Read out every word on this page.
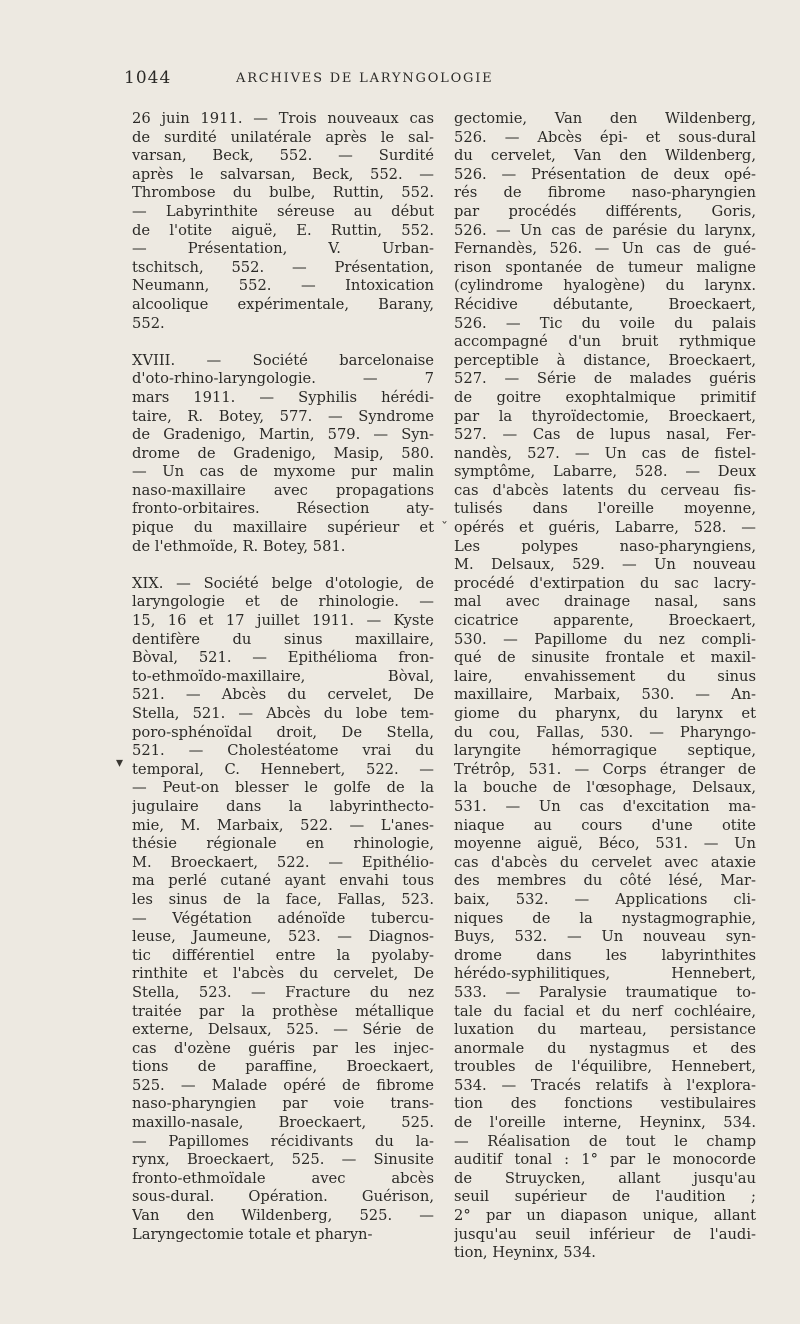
1044	ARCHIVES DE LARYNGOLOGIE
▾
ˇ
26 juin 1911. — Trois nouveaux cas
de surdité unilatérale après le sal-
varsan, Beck, 552. — Surdité
après le salvarsan, Beck, 552. —
Thrombose du bulbe, Ruttin, 552.
— Labyrinthite séreuse au début
de l'otite aiguë, E. Ruttin, 552.
— Présentation, V. Urban-
tschitsch, 552. — Présentation,
Neumann, 552. — Intoxication
alcoolique expérimentale, Barany,
552.
XVIII. — Société barcelonaise
d'oto-rhino-laryngologie. — 7
mars 1911. — Syphilis hérédi-
taire, R. Botey, 577. — Syndrome
de Gradenigo, Martin, 579. — Syn-
drome de Gradenigo, Masip, 580.
— Un cas de myxome pur malin
naso-maxillaire avec propagations
fronto-orbitaires. Résection aty-
pique du maxillaire supérieur et
de l'ethmoïde, R. Botey, 581.
XIX. — Société belge d'otologie, de
laryngologie et de rhinologie. —
15, 16 et 17 juillet 1911. — Kyste
dentifère du sinus maxillaire,
Bòval, 521. — Epithélioma fron-
to-ethmoïdo-maxillaire, Bòval,
521. — Abcès du cervelet, De
Stella, 521. — Abcès du lobe tem-
poro-sphénoïdal droit, De Stella,
521. — Cholestéatome vrai du
temporal, C. Hennebert, 522. —
— Peut-on blesser le golfe de la
jugulaire dans la labyrinthecto-
mie, M. Marbaix, 522. — L'anes-
thésie régionale en rhinologie,
M. Broeckaert, 522. — Epithélio-
ma perlé cutané ayant envahi tous
les sinus de la face, Fallas, 523.
— Végétation adénoïde tubercu-
leuse, Jaumeune, 523. — Diagnos-
tic différentiel entre la pyolaby-
rinthite et l'abcès du cervelet, De
Stella, 523. — Fracture du nez
traitée par la prothèse métallique
externe, Delsaux, 525. — Série de
cas d'ozène guéris par les injec-
tions de paraffine, Broeckaert,
525. — Malade opéré de fibrome
naso-pharyngien par voie trans-
maxillo-nasale, Broeckaert, 525.
— Papillomes récidivants du la-
rynx, Broeckaert, 525. — Sinusite
fronto-ethmoïdale avec abcès
sous-dural. Opération. Guérison,
Van den Wildenberg, 525. —
Laryngectomie totale et pharyn-
gectomie, Van den Wildenberg,
526. — Abcès épi- et sous-dural
du cervelet, Van den Wildenberg,
526. — Présentation de deux opé-
rés de fibrome naso-pharyngien
par procédés différents, Goris,
526. — Un cas de parésie du larynx,
Fernandès, 526. — Un cas de gué-
rison spontanée de tumeur maligne
(cylindrome hyalogène) du larynx.
Récidive débutante, Broeckaert,
526. — Tic du voile du palais
accompagné d'un bruit rythmique
perceptible à distance, Broeckaert,
527. — Série de malades guéris
de goitre exophtalmique primitif
par la thyroïdectomie, Broeckaert,
527. — Cas de lupus nasal, Fer-
nandès, 527. — Un cas de fistel-
symptôme, Labarre, 528. — Deux
cas d'abcès latents du cerveau fis-
tulisés dans l'oreille moyenne,
opérés et guéris, Labarre, 528. —
Les polypes naso-pharyngiens,
M. Delsaux, 529. — Un nouveau
procédé d'extirpation du sac lacry-
mal avec drainage nasal, sans
cicatrice apparente, Broeckaert,
530. — Papillome du nez compli-
qué de sinusite frontale et maxil-
laire, envahissement du sinus
maxillaire, Marbaix, 530. — An-
giome du pharynx, du larynx et
du cou, Fallas, 530. — Pharyngo-
laryngite hémorragique septique,
Trétrôp, 531. — Corps étranger de
la bouche de l'œsophage, Delsaux,
531. — Un cas d'excitation ma-
niaque au cours d'une otite
moyenne aiguë, Béco, 531. — Un
cas d'abcès du cervelet avec ataxie
des membres du côté lésé, Mar-
baix, 532. — Applications cli-
niques de la nystagmographie,
Buys, 532. — Un nouveau syn-
drome dans les labyrinthites
hérédo-syphilitiques, Hennebert,
533. — Paralysie traumatique to-
tale du facial et du nerf cochléaire,
luxation du marteau, persistance
anormale du nystagmus et des
troubles de l'équilibre, Hennebert,
534. — Tracés relatifs à l'explora-
tion des fonctions vestibulaires
de l'oreille interne, Heyninx, 534.
— Réalisation de tout le champ
auditif tonal : 1° par le monocorde
de Struycken, allant jusqu'au
seuil supérieur de l'audition ;
2° par un diapason unique, allant
jusqu'au seuil inférieur de l'audi-
tion, Heyninx, 534.
